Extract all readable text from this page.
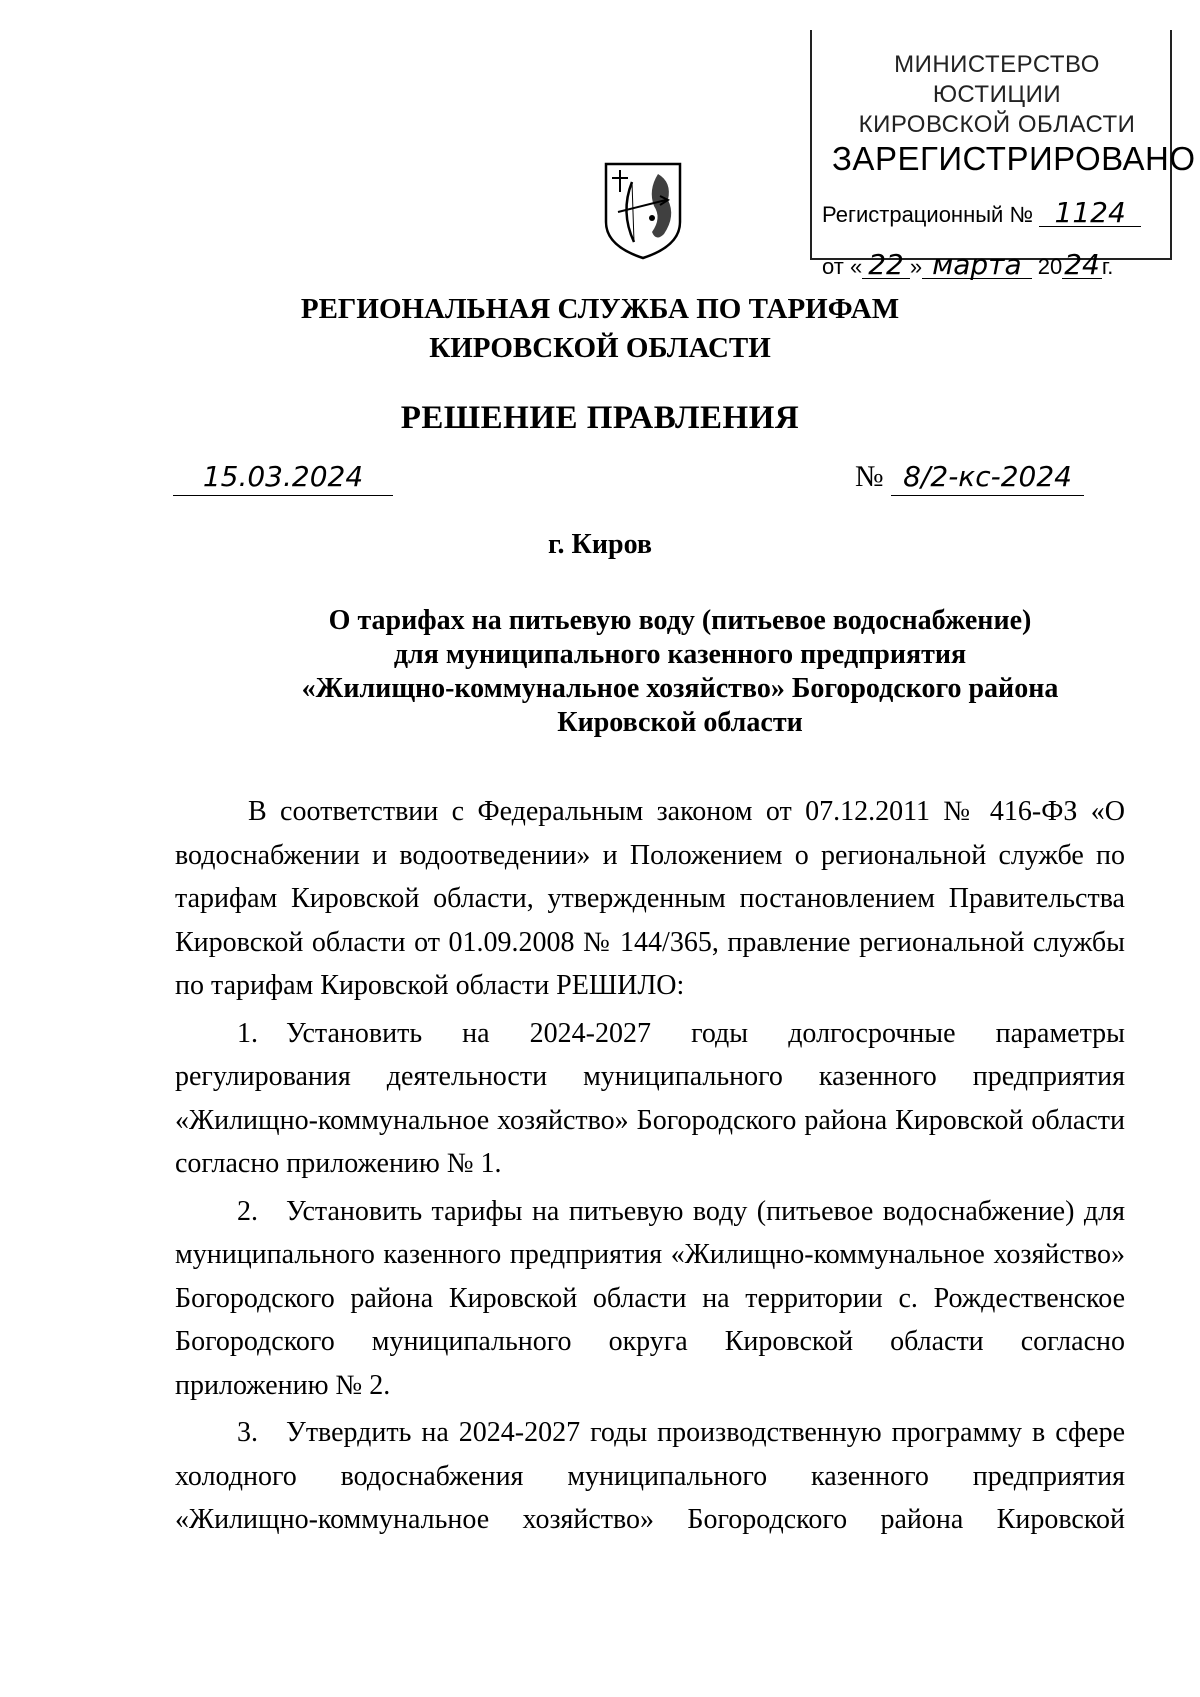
МИНИСТЕРСТВО ЮСТИЦИИ
КИРОВСКОЙ ОБЛАСТИ
ЗАРЕГИСТРИРОВАНО
Регистрационный № 1124
от « 22 » марта 2024г.
РЕГИОНАЛЬНАЯ СЛУЖБА ПО ТАРИФАМ
КИРОВСКОЙ ОБЛАСТИ
РЕШЕНИЕ ПРАВЛЕНИЯ
15.03.2024	№ 8/2-кс-2024
г. Киров
О тарифах на питьевую воду (питьевое водоснабжение)
для муниципального казенного предприятия
«Жилищно-коммунальное хозяйство» Богородского района
Кировской области

В соответствии с Федеральным законом от 07.12.2011 № 416-ФЗ «О водоснабжении и водоотведении» и Положением о региональной службе по тарифам Кировской области, утвержденным постановлением Правительства Кировской области от 01.09.2008 № 144/365, правление региональной службы по тарифам Кировской области РЕШИЛО:

1. Установить на 2024-2027 годы долгосрочные параметры регулирования деятельности муниципального казенного предприятия «Жилищно-коммунальное хозяйство» Богородского района Кировской области согласно приложению № 1.

2. Установить тарифы на питьевую воду (питьевое водоснабжение) для муниципального казенного предприятия «Жилищно-коммунальное хозяйство» Богородского района Кировской области на территории с. Рождественское Богородского муниципального округа Кировской области согласно приложению № 2.

3. Утвердить на 2024-2027 годы производственную программу в сфере холодного водоснабжения муниципального казенного предприятия «Жилищно-коммунальное хозяйство» Богородского района Кировской
